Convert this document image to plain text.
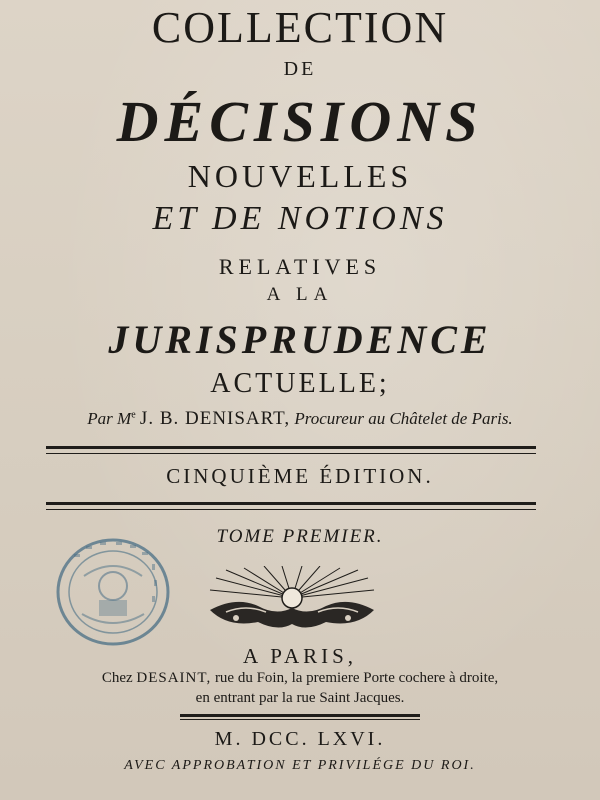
COLLECTION
DE
DÉCISIONS
NOUVELLES
ET DE NOTIONS
RELATIVES
A LA
JURISPRUDENCE
ACTUELLE;
Par Me J. B. DENISART, Procureur au Châtelet de Paris.
CINQUIÈME ÉDITION.
TOME PREMIER.
A PARIS,
Chez DESAINT, rue du Foin, la premiere Porte cochere à droite,
en entrant par la rue Saint Jacques.
M. DCC. LXVI.
AVEC APPROBATION ET PRIVILÉGE DU ROI.
